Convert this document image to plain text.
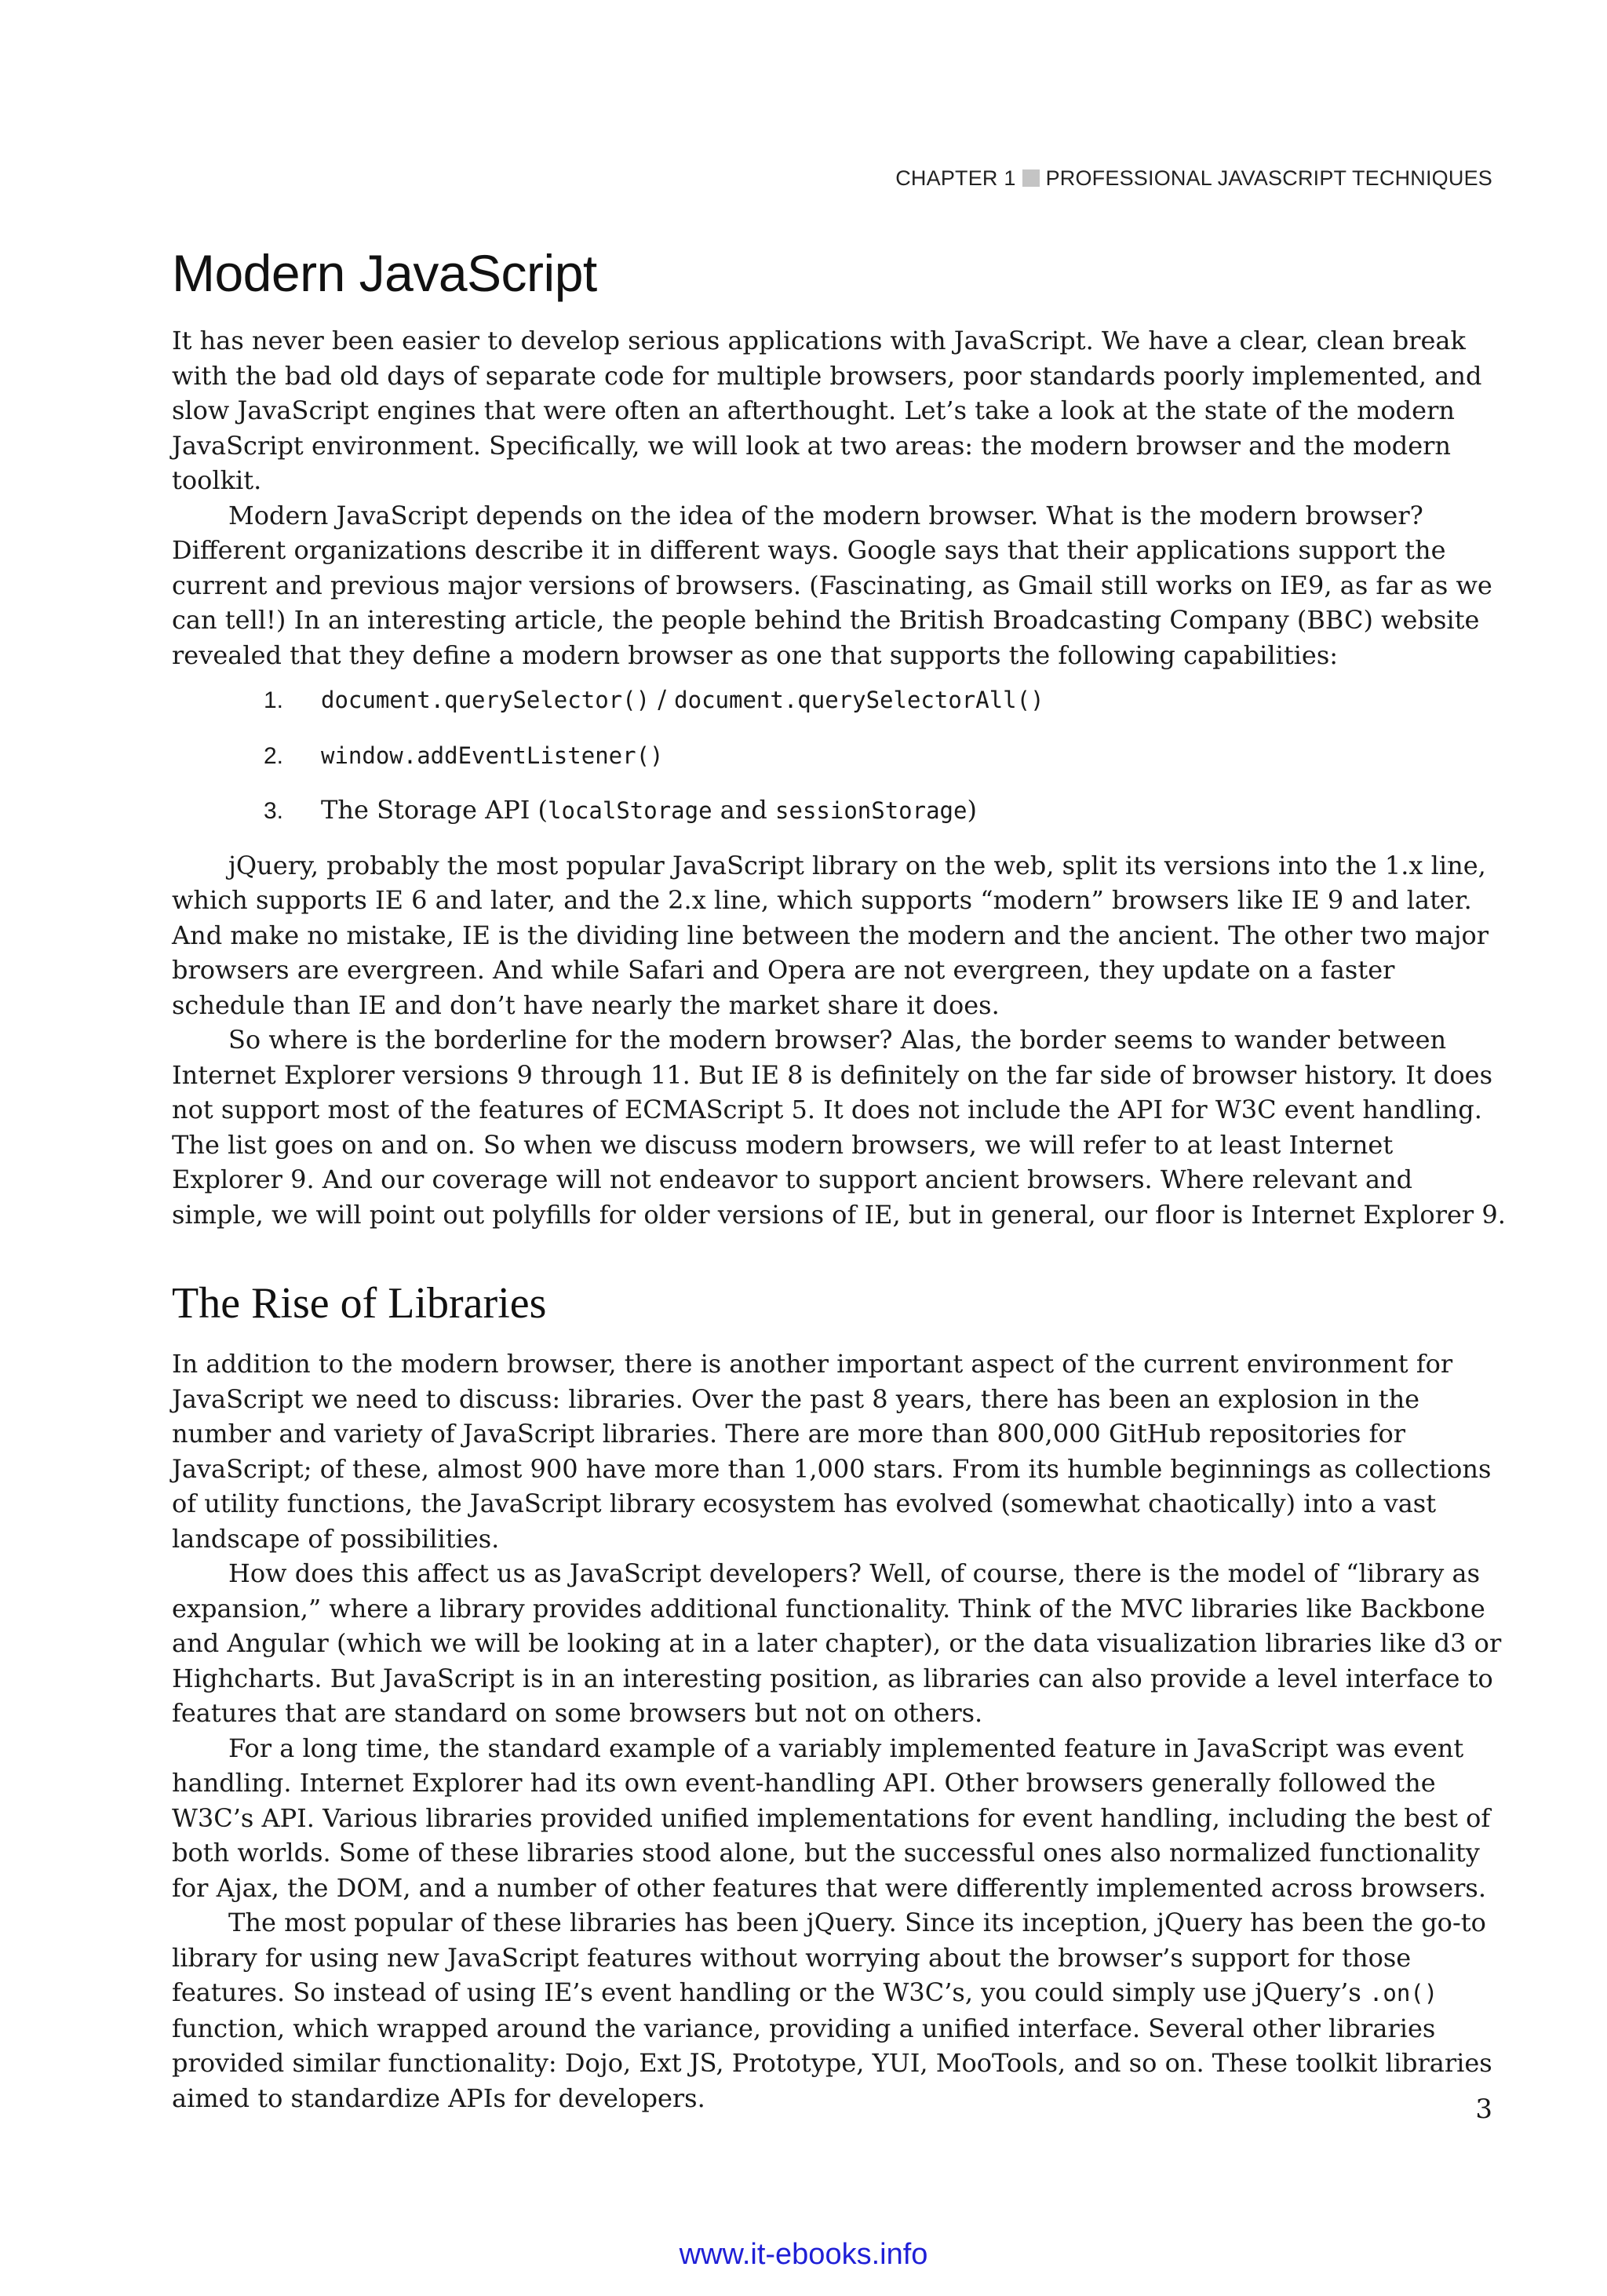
CHAPTER 1 PROFESSIONAL JAVASCRIPT TECHNIQUES
Modern JavaScript

It has never been easier to develop serious applications with JavaScript. We have a clear, clean break with the bad old days of separate code for multiple browsers, poor standards poorly implemented, and slow JavaScript engines that were often an afterthought. Let’s take a look at the state of the modern JavaScript environment. Specifically, we will look at two areas: the modern browser and the modern toolkit.

Modern JavaScript depends on the idea of the modern browser. What is the modern browser? Different organizations describe it in different ways. Google says that their applications support the current and previous major versions of browsers. (Fascinating, as Gmail still works on IE9, as far as we can tell!) In an interesting article, the people behind the British Broadcasting Company (BBC) website revealed that they define a modern browser as one that supports the following capabilities:

1. document.querySelector() / document.querySelectorAll()
2. window.addEventListener()
3. The Storage API (localStorage and sessionStorage)

jQuery, probably the most popular JavaScript library on the web, split its versions into the 1.x line, which supports IE 6 and later, and the 2.x line, which supports “modern” browsers like IE 9 and later. And make no mistake, IE is the dividing line between the modern and the ancient. The other two major browsers are evergreen. And while Safari and Opera are not evergreen, they update on a faster schedule than IE and don’t have nearly the market share it does.

So where is the borderline for the modern browser? Alas, the border seems to wander between Internet Explorer versions 9 through 11. But IE 8 is definitely on the far side of browser history. It does not support most of the features of ECMAScript 5. It does not include the API for W3C event handling. The list goes on and on. So when we discuss modern browsers, we will refer to at least Internet Explorer 9. And our coverage will not endeavor to support ancient browsers. Where relevant and simple, we will point out polyfills for older versions of IE, but in general, our floor is Internet Explorer 9.

The Rise of Libraries

In addition to the modern browser, there is another important aspect of the current environment for JavaScript we need to discuss: libraries. Over the past 8 years, there has been an explosion in the number and variety of JavaScript libraries. There are more than 800,000 GitHub repositories for JavaScript; of these, almost 900 have more than 1,000 stars. From its humble beginnings as collections of utility functions, the JavaScript library ecosystem has evolved (somewhat chaotically) into a vast landscape of possibilities.

How does this affect us as JavaScript developers? Well, of course, there is the model of “library as expansion,” where a library provides additional functionality. Think of the MVC libraries like Backbone and Angular (which we will be looking at in a later chapter), or the data visualization libraries like d3 or Highcharts. But JavaScript is in an interesting position, as libraries can also provide a level interface to features that are standard on some browsers but not on others.

For a long time, the standard example of a variably implemented feature in JavaScript was event handling. Internet Explorer had its own event-handling API. Other browsers generally followed the W3C’s API. Various libraries provided unified implementations for event handling, including the best of both worlds. Some of these libraries stood alone, but the successful ones also normalized functionality for Ajax, the DOM, and a number of other features that were differently implemented across browsers.

The most popular of these libraries has been jQuery. Since its inception, jQuery has been the go-to library for using new JavaScript features without worrying about the browser’s support for those features. So instead of using IE’s event handling or the W3C’s, you could simply use jQuery’s .on() function, which wrapped around the variance, providing a unified interface. Several other libraries provided similar functionality: Dojo, Ext JS, Prototype, YUI, MooTools, and so on. These toolkit libraries aimed to standardize APIs for developers.	3
www.it-ebooks.info
